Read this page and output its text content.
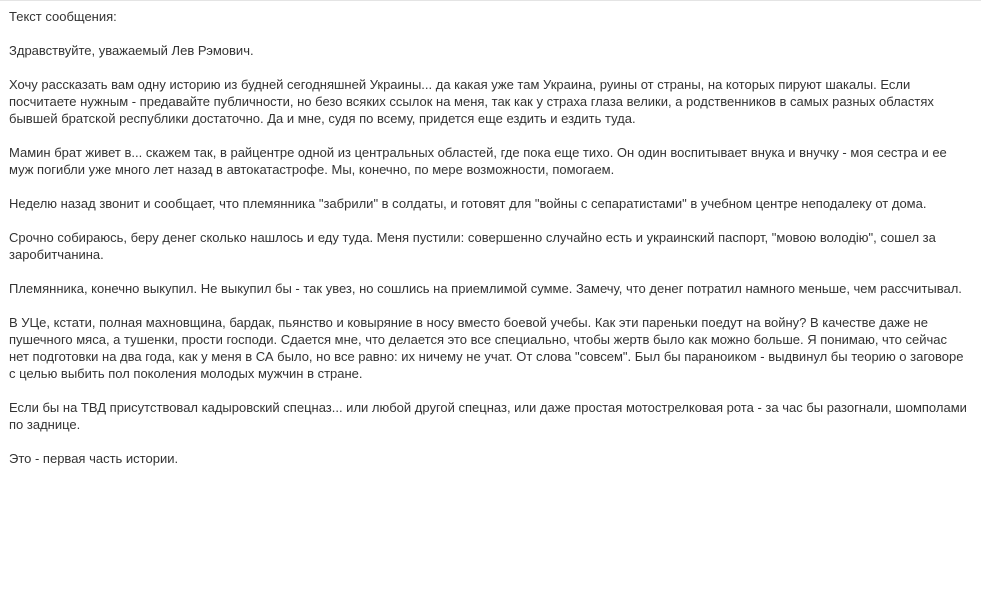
Текст сообщения:

Здравствуйте, уважаемый Лев Рэмович.

Хочу рассказать вам одну историю из будней сегодняшней Украины... да какая уже там Украина, руины от страны, на которых пируют шакалы. Если посчитаете нужным - предавайте публичности, но безо всяких ссылок на меня, так как у страха глаза велики, а родственников в самых разных областях бывшей братской республики достаточно. Да и мне, судя по всему, придется еще ездить и ездить туда.

Мамин брат живет в... скажем так, в райцентре одной из центральных областей, где пока еще тихо. Он один воспитывает внука и внучку - моя сестра и ее муж погибли уже много лет назад в автокатастрофе. Мы, конечно, по мере возможности, помогаем.

Неделю назад звонит и сообщает, что племянника "забрили" в солдаты, и готовят для "войны с сепаратистами" в учебном центре неподалеку от дома.

Срочно собираюсь, беру денег сколько нашлось и еду туда. Меня пустили: совершенно случайно есть и украинский паспорт, "мовою володію", сошел за заробитчанина.

Племянника, конечно выкупил. Не выкупил бы - так увез, но сошлись на приемлимой сумме. Замечу, что денег потратил намного меньше, чем рассчитывал.

В УЦе, кстати, полная махновщина, бардак, пьянство и ковыряние в носу вместо боевой учебы. Как эти пареньки поедут на войну? В качестве даже не пушечного мяса, а тушенки, прости господи. Сдается мне, что делается это все специально, чтобы жертв было как можно больше. Я понимаю, что сейчас нет подготовки на два года, как у меня в СА было, но все равно: их ничему не учат. От слова "совсем". Был бы параноиком - выдвинул бы теорию о заговоре с целью выбить пол поколения молодых мужчин в стране.

Если бы на ТВД присутствовал кадыровский спецназ... или любой другой спецназ, или даже простая мотострелковая рота - за час бы разогнали, шомполами по заднице.

Это - первая часть истории.
